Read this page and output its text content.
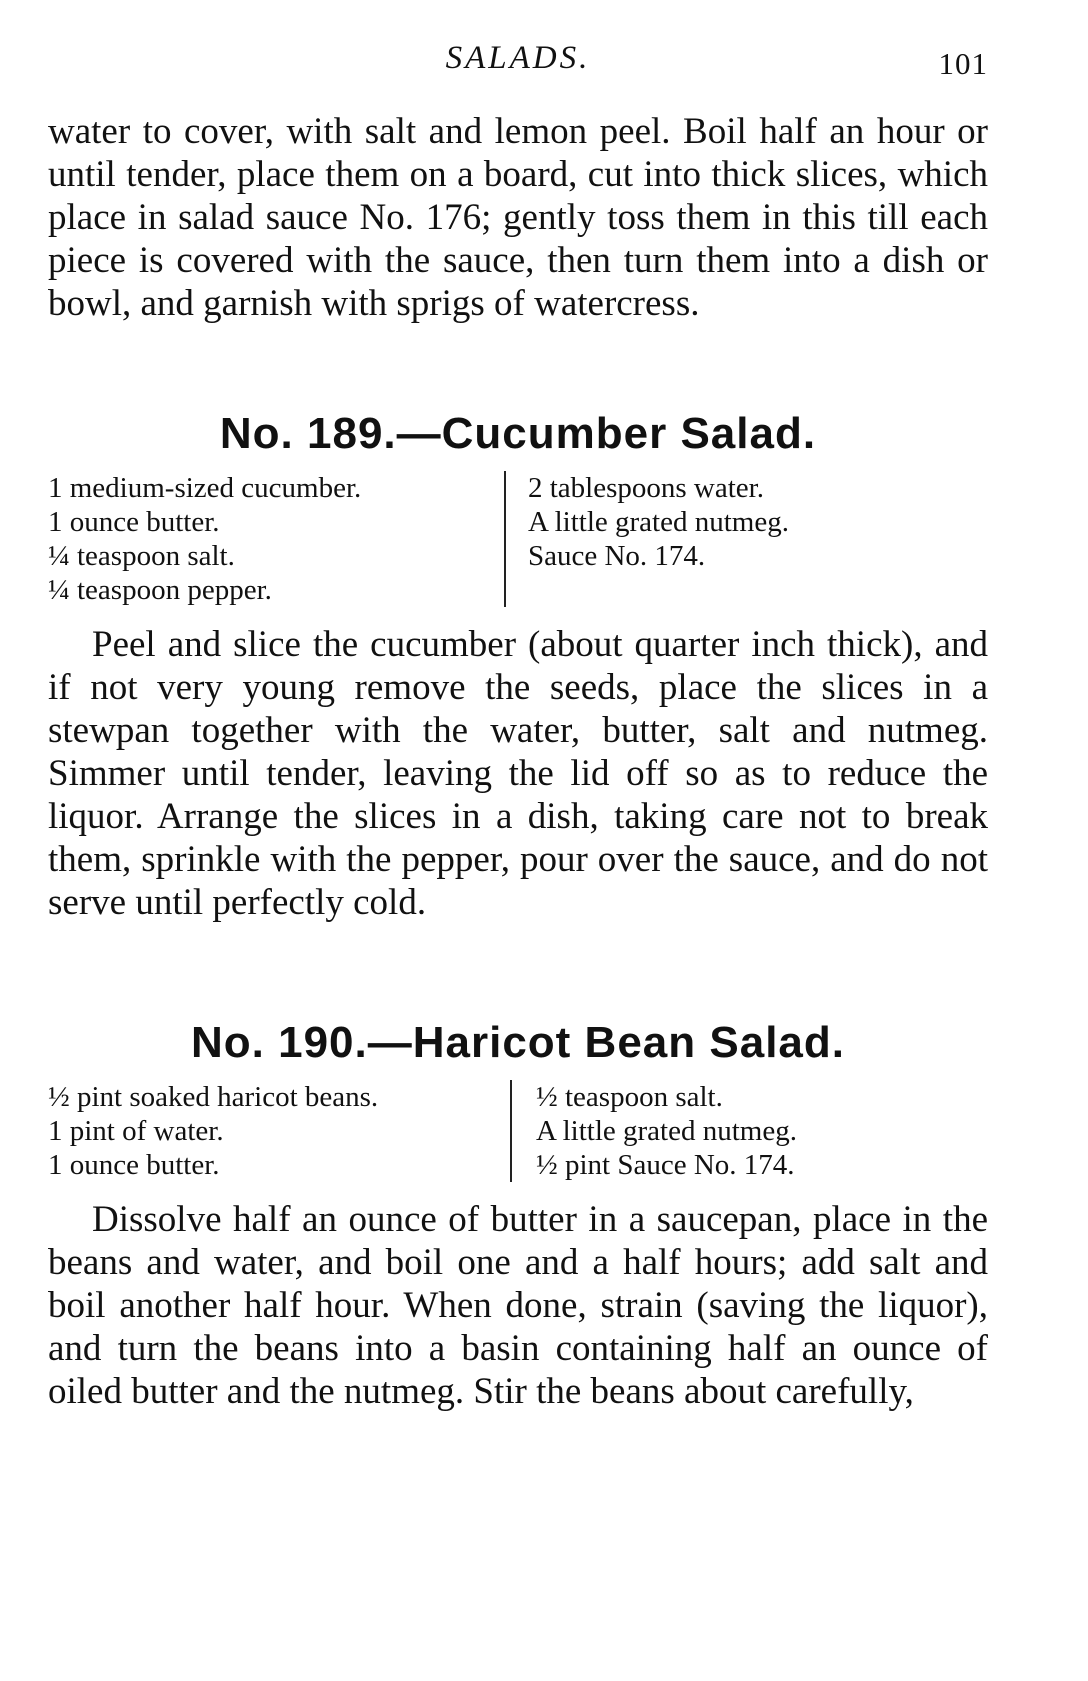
SALADS.	101

water to cover, with salt and lemon peel. Boil half an hour or until tender, place them on a board, cut into thick slices, which place in salad sauce No. 176; gently toss them in this till each piece is covered with the sauce, then turn them into a dish or bowl, and garnish with sprigs of watercress.

No. 189.—Cucumber Salad.
1 medium-sized cucumber.
1 ounce butter.
¼ teaspoon salt.
¼ teaspoon pepper.
2 tablespoons water.
A little grated nutmeg.
Sauce No. 174.

Peel and slice the cucumber (about quarter inch thick), and if not very young remove the seeds, place the slices in a stewpan together with the water, butter, salt and nutmeg. Simmer until tender, leaving the lid off so as to reduce the liquor. Arrange the slices in a dish, taking care not to break them, sprinkle with the pepper, pour over the sauce, and do not serve until perfectly cold.

No. 190.—Haricot Bean Salad.
½ pint soaked haricot beans.
1 pint of water.
1 ounce butter.
½ teaspoon salt.
A little grated nutmeg.
½ pint Sauce No. 174.

Dissolve half an ounce of butter in a saucepan, place in the beans and water, and boil one and a half hours; add salt and boil another half hour. When done, strain (saving the liquor), and turn the beans into a basin containing half an ounce of oiled butter and the nutmeg. Stir the beans about carefully,
